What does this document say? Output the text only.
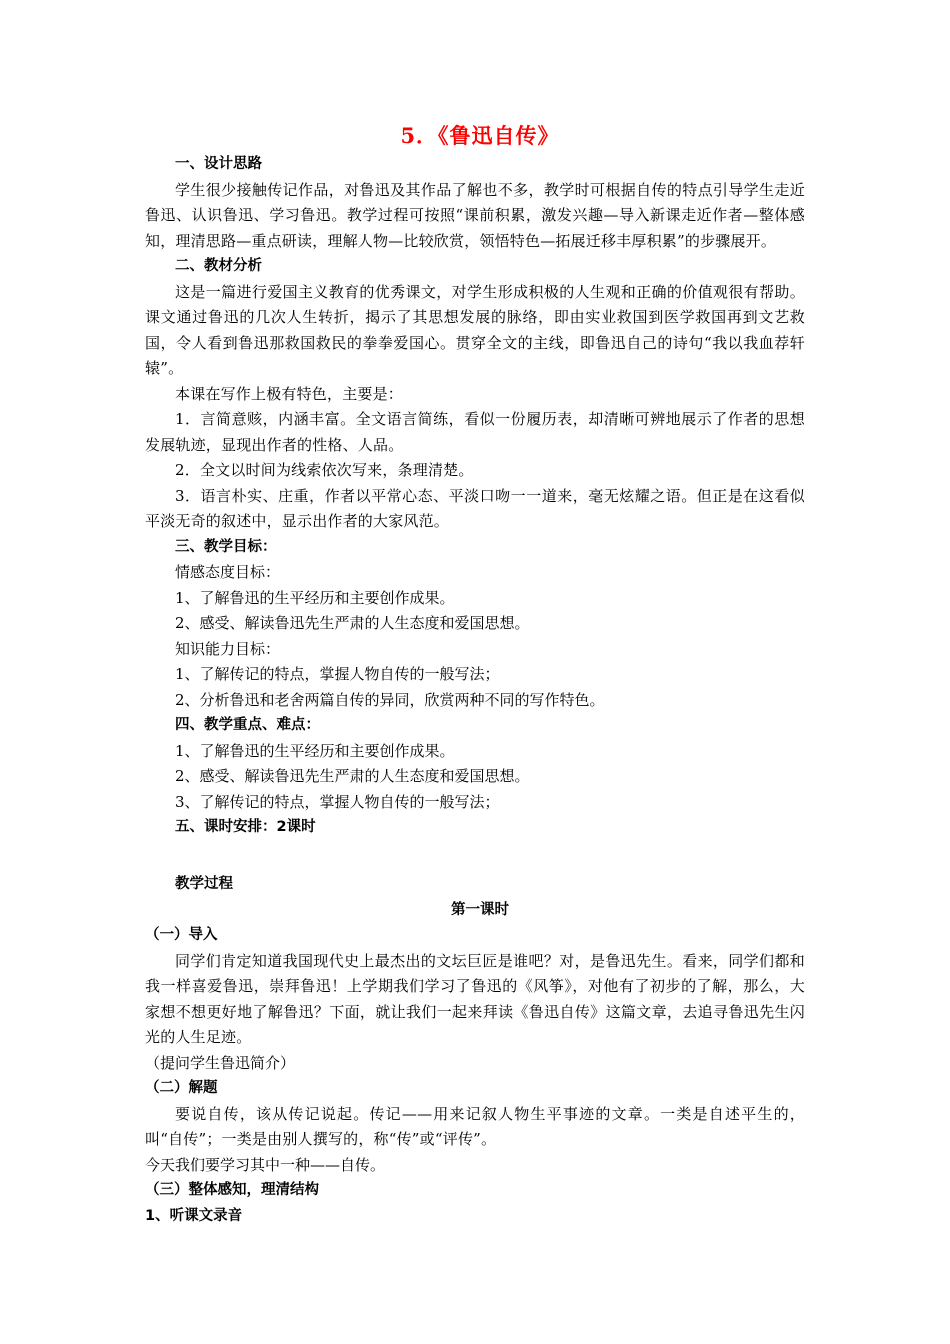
5．《鲁迅自传》
一、设计思路
学生很少接触传记作品，对鲁迅及其作品了解也不多，教学时可根据自传的特点引导学生走近鲁迅、认识鲁迅、学习鲁迅。教学过程可按照“课前积累，激发兴趣—导入新课走近作者—整体感知，理清思路—重点研读，理解人物—比较欣赏，领悟特色—拓展迁移丰厚积累”的步骤展开。
二、教材分析
这是一篇进行爱国主义教育的优秀课文，对学生形成积极的人生观和正确的价值观很有帮助。课文通过鲁迅的几次人生转折，揭示了其思想发展的脉络，即由实业救国到医学救国再到文艺救国，令人看到鲁迅那救国救民的拳拳爱国心。贯穿全文的主线，即鲁迅自己的诗句“我以我血荐轩辕”。
本课在写作上极有特色，主要是：
1．言简意赅，内涵丰富。全文语言简练，看似一份履历表，却清晰可辨地展示了作者的思想发展轨迹，显现出作者的性格、人品。
2．全文以时间为线索依次写来，条理清楚。
3．语言朴实、庄重，作者以平常心态、平淡口吻一一道来，毫无炫耀之语。但正是在这看似平淡无奇的叙述中，显示出作者的大家风范。
三、教学目标：
情感态度目标：
1、了解鲁迅的生平经历和主要创作成果。
2、感受、解读鲁迅先生严肃的人生态度和爱国思想。
知识能力目标：
1、了解传记的特点，掌握人物自传的一般写法；
2、分析鲁迅和老舍两篇自传的异同，欣赏两种不同的写作特色。
四、教学重点、难点：
1、了解鲁迅的生平经历和主要创作成果。
2、感受、解读鲁迅先生严肃的人生态度和爱国思想。
3、了解传记的特点，掌握人物自传的一般写法；
五、课时安排：2课时
教学过程
第一课时
（一）导入
同学们肯定知道我国现代史上最杰出的文坛巨匠是谁吧？对，是鲁迅先生。看来，同学们都和我一样喜爱鲁迅，崇拜鲁迅！上学期我们学习了鲁迅的《风筝》，对他有了初步的了解，那么，大家想不想更好地了解鲁迅？下面，就让我们一起来拜读《鲁迅自传》这篇文章，去追寻鲁迅先生闪光的人生足迹。
（提问学生鲁迅简介）
（二）解题
要说自传，该从传记说起。传记——用来记叙人物生平事迹的文章。一类是自述平生的，叫“自传”；一类是由别人撰写的，称“传”或“评传”。
今天我们要学习其中一种——自传。
（三）整体感知，理清结构
1、听课文录音
